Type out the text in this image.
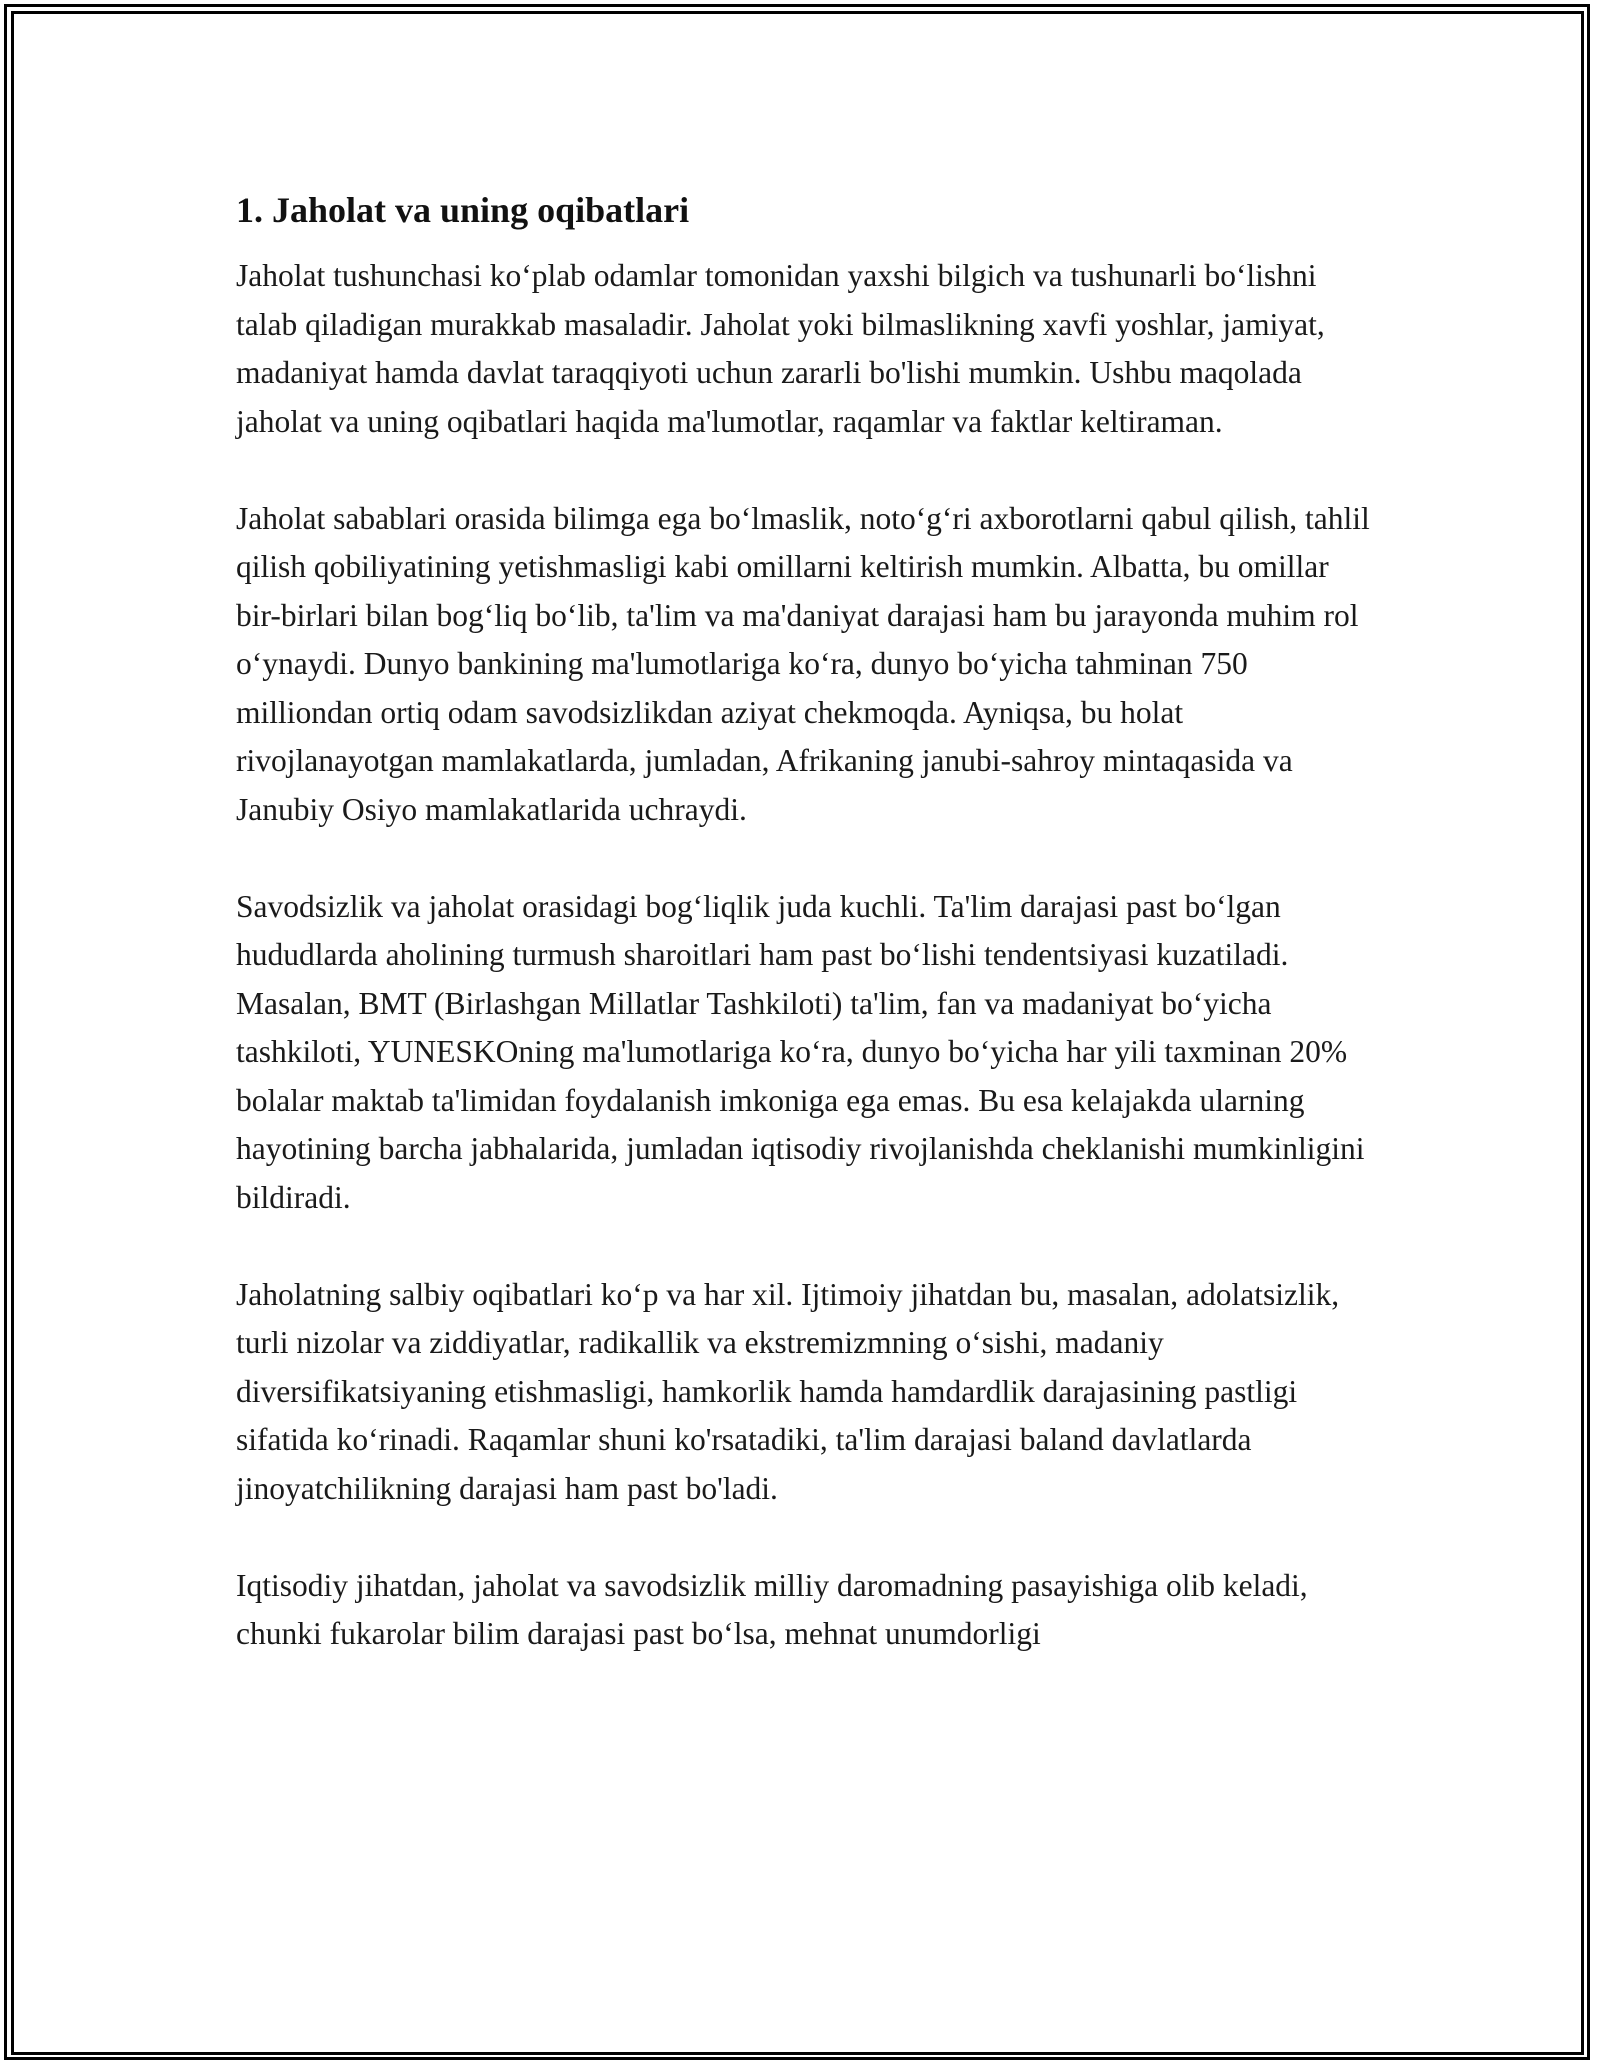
1. Jaholat va uning oqibatlari

Jaholat tushunchasi ko‘plab odamlar tomonidan yaxshi bilgich va tushunarli bo‘lishni talab qiladigan murakkab masaladir. Jaholat yoki bilmaslikning xavfi yoshlar, jamiyat, madaniyat hamda davlat taraqqiyoti uchun zararli bo'lishi mumkin. Ushbu maqolada jaholat va uning oqibatlari haqida ma'lumotlar, raqamlar va faktlar keltiraman.

Jaholat sabablari orasida bilimga ega bo‘lmaslik, noto‘g‘ri axborotlarni qabul qilish, tahlil qilish qobiliyatining yetishmasligi kabi omillarni keltirish mumkin. Albatta, bu omillar bir-birlari bilan bog‘liq bo‘lib, ta'lim va ma'daniyat darajasi ham bu jarayonda muhim rol o‘ynaydi. Dunyo bankining ma'lumotlariga ko‘ra, dunyo bo‘yicha tahminan 750 milliondan ortiq odam savodsizlikdan aziyat chekmoqda. Ayniqsa, bu holat rivojlanayotgan mamlakatlarda, jumladan, Afrikaning janubi-sahroy mintaqasida va Janubiy Osiyo mamlakatlarida uchraydi.

Savodsizlik va jaholat orasidagi bog‘liqlik juda kuchli. Ta'lim darajasi past bo‘lgan hududlarda aholining turmush sharoitlari ham past bo‘lishi tendentsiyasi kuzatiladi. Masalan, BMT (Birlashgan Millatlar Tashkiloti) ta'lim, fan va madaniyat bo‘yicha tashkiloti, YUNESKOning ma'lumotlariga ko‘ra, dunyo bo‘yicha har yili taxminan 20% bolalar maktab ta'limidan foydalanish imkoniga ega emas. Bu esa kelajakda ularning hayotining barcha jabhalarida, jumladan iqtisodiy rivojlanishda cheklanishi mumkinligini bildiradi.

Jaholatning salbiy oqibatlari ko‘p va har xil. Ijtimoiy jihatdan bu, masalan, adolatsizlik, turli nizolar va ziddiyatlar, radikallik va ekstremizmning o‘sishi, madaniy diversifikatsiyaning etishmasligi, hamkorlik hamda hamdardlik darajasining pastligi sifatida ko‘rinadi. Raqamlar shuni ko'rsatadiki, ta'lim darajasi baland davlatlarda jinoyatchilikning darajasi ham past bo'ladi.

Iqtisodiy jihatdan, jaholat va savodsizlik milliy daromadning pasayishiga olib keladi, chunki fukarolar bilim darajasi past bo‘lsa, mehnat unumdorligi
